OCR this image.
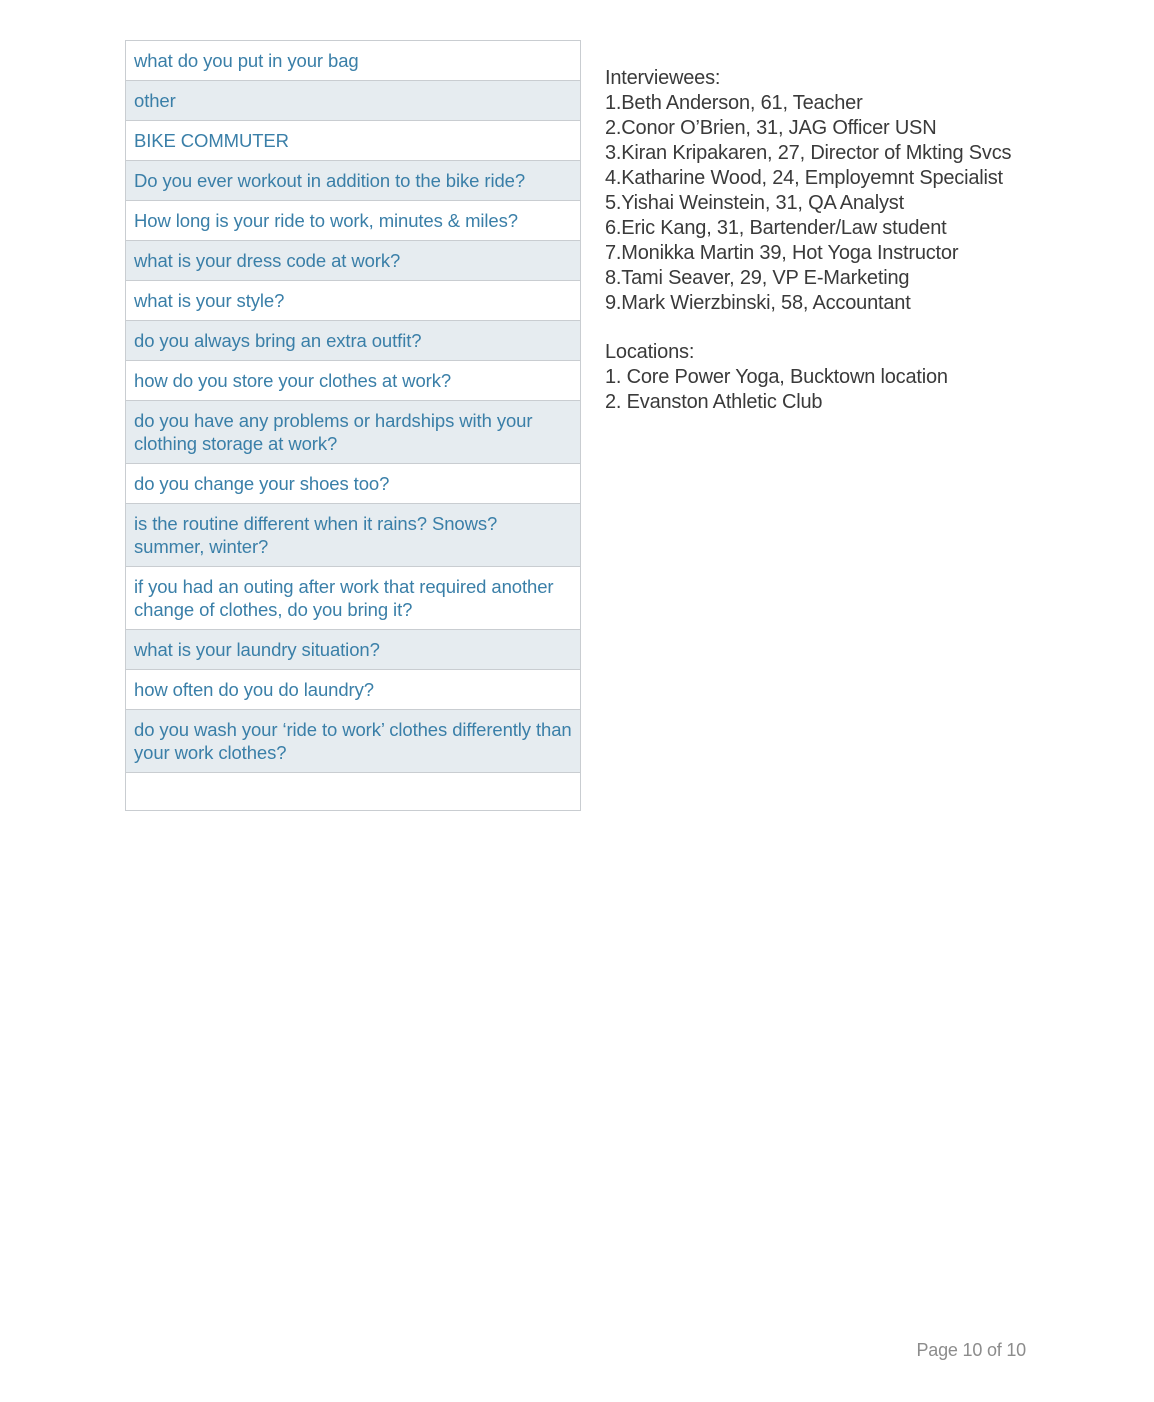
what do you put in your bag
other
BIKE COMMUTER
Do you ever workout in addition to the bike ride?
How long is your ride to work, minutes & miles?
what is your dress code at work?
what is your style?
do you always bring an extra outfit?
how do you store your clothes at work?
do you have any problems or hardships with your clothing storage at work?
do you change your shoes too?
is the routine different when it rains? Snows? summer, winter?
if you had an outing after work that required another change of clothes, do you bring it?
what is your laundry situation?
how often do you do laundry?
do you wash your ‘ride to work’ clothes differently than your work clothes?
Interviewees:
1.Beth Anderson, 61, Teacher
2.Conor O’Brien, 31, JAG Officer USN
3.Kiran Kripakaren, 27, Director of Mkting Svcs
4.Katharine Wood, 24, Employemnt Specialist
5.Yishai Weinstein, 31, QA Analyst
6.Eric Kang, 31, Bartender/Law student
7.Monikka Martin 39, Hot Yoga Instructor
8.Tami Seaver, 29, VP E-Marketing
9.Mark Wierzbinski, 58, Accountant
Locations:
1. Core Power Yoga, Bucktown location
2. Evanston Athletic Club
Page 10 of 10
